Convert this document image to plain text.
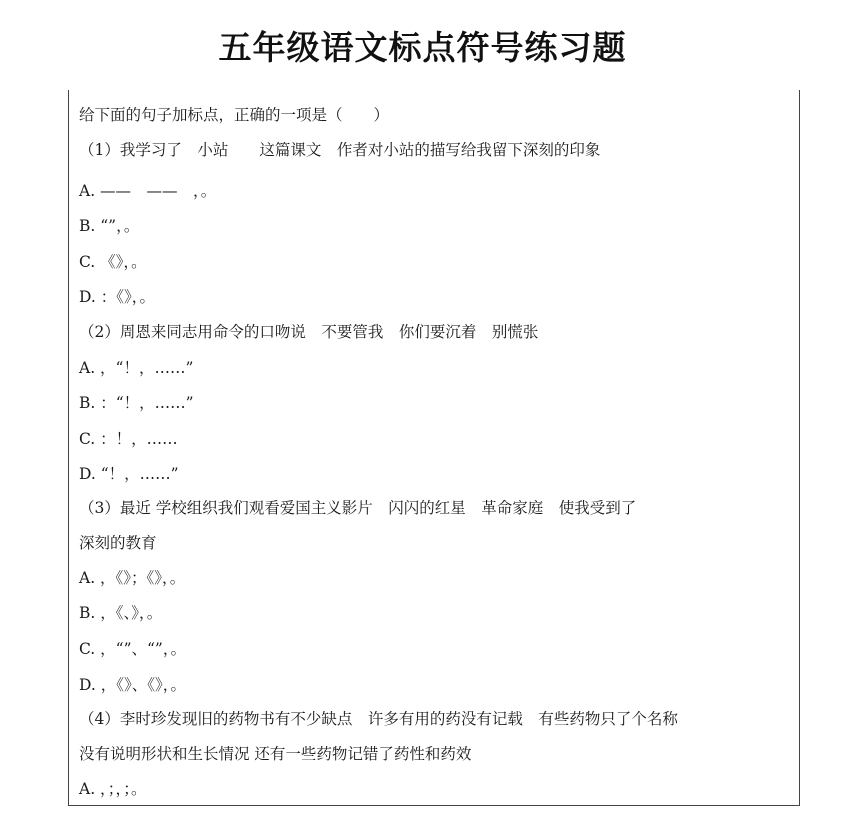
五年级语文标点符号练习题
给下面的句子加标点，正确的一项是（　　）
（1）我学习了　小站　　这篇课文　作者对小站的描写给我留下深刻的印象
A. ——　——　，。
B. “”，。
C. 《》，。
D. ：《》，。
（2）周恩来同志用命令的口吻说　不要管我　你们要沉着　别慌张
A. ，“！，……”
B. ：“！，……”
C. ：！，……
D. “！，……”
（3）最近 学校组织我们观看爱国主义影片　闪闪的红星　革命家庭　使我受到了
深刻的教育
A. ，《》；《》，。
B. ，《、》，。
C. ，“”、“”，。
D. ，《》、《》，。
（4）李时珍发现旧的药物书有不少缺点　许多有用的药没有记载　有些药物只了个名称
没有说明形状和生长情况 还有一些药物记错了药性和药效
A. ，；，；。
